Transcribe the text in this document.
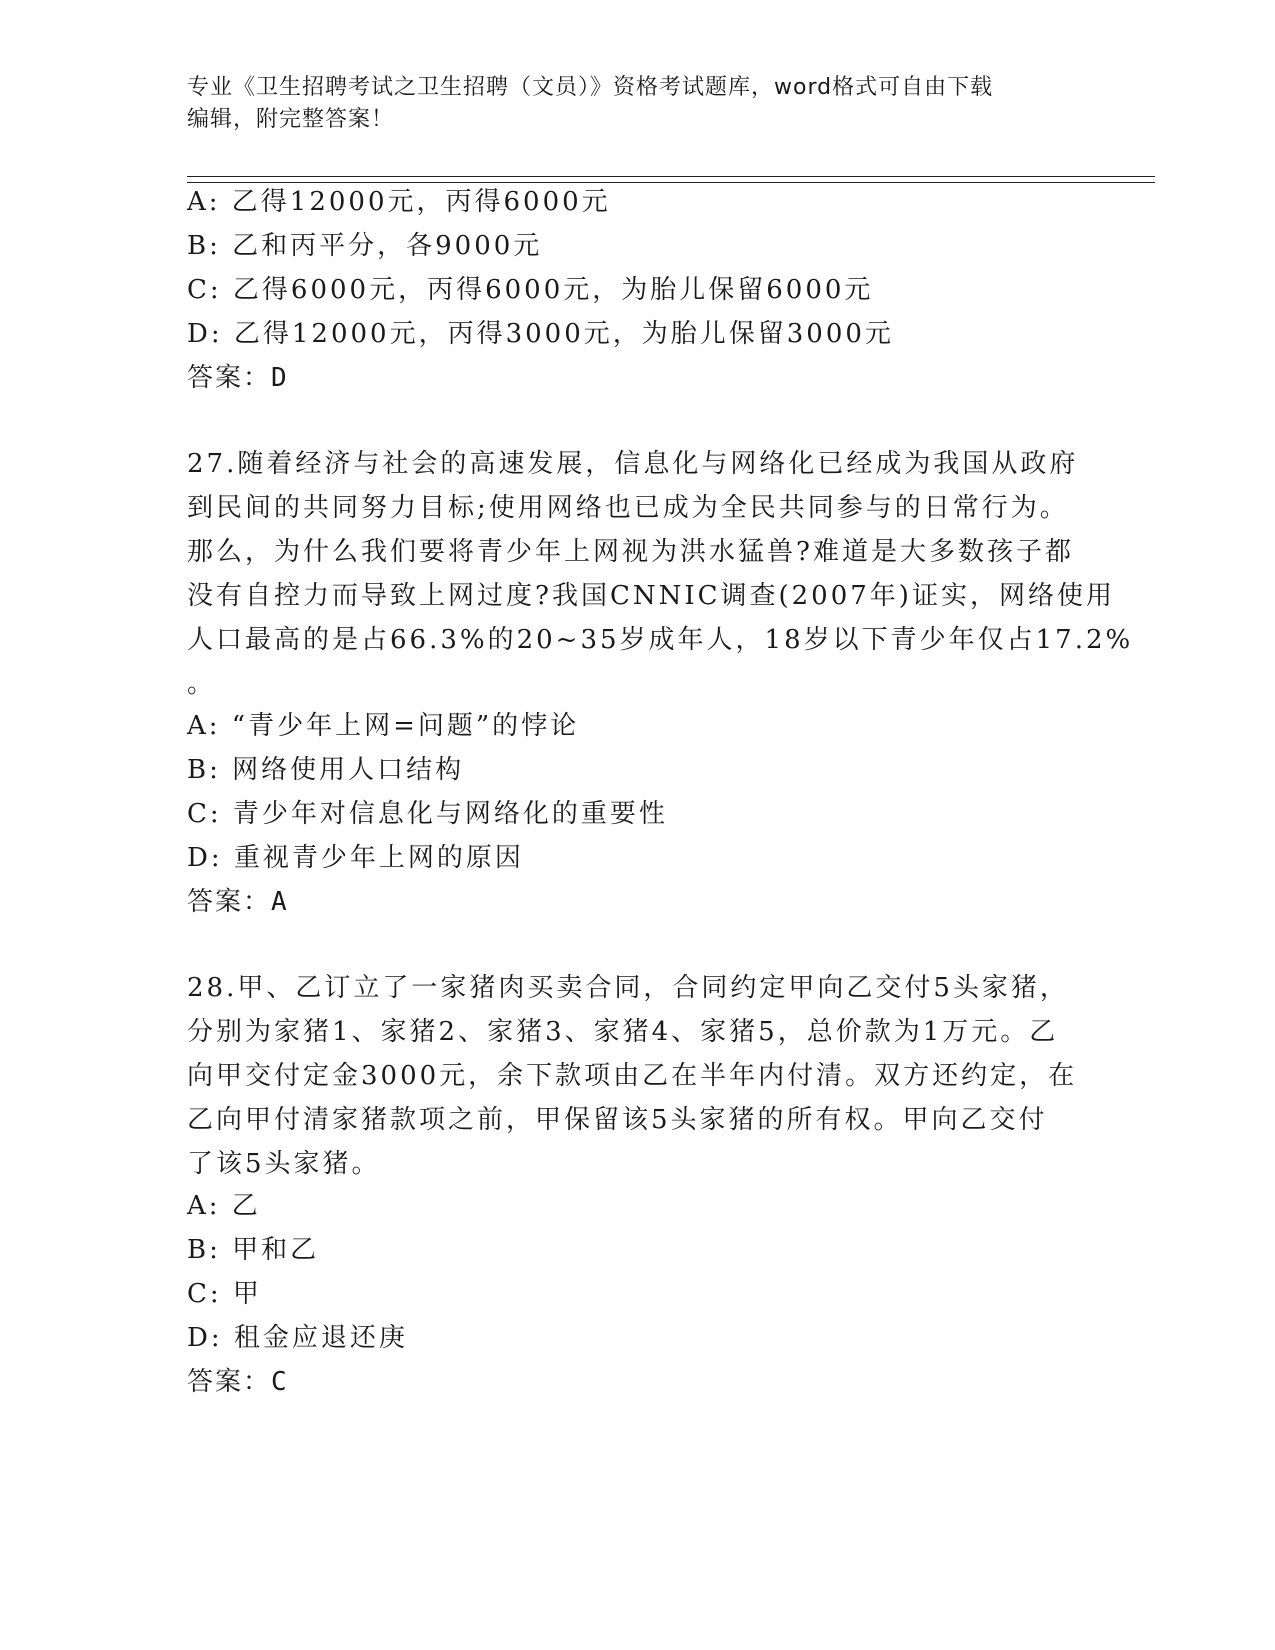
专业《卫生招聘考试之卫生招聘（文员）》资格考试题库，word格式可自由下载
编辑，附完整答案！
A: 乙得12000元，丙得6000元
B: 乙和丙平分，各9000元
C: 乙得6000元，丙得6000元，为胎儿保留6000元
D: 乙得12000元，丙得3000元，为胎儿保留3000元
答案：D
27.随着经济与社会的高速发展，信息化与网络化已经成为我国从政府
到民间的共同努力目标;使用网络也已成为全民共同参与的日常行为。
那么，为什么我们要将青少年上网视为洪水猛兽?难道是大多数孩子都
没有自控力而导致上网过度?我国CNNIC调查(2007年)证实，网络使用
人口最高的是占66.3%的20~35岁成年人，18岁以下青少年仅占17.2%
。
A: “青少年上网=问题”的悖论
B: 网络使用人口结构
C: 青少年对信息化与网络化的重要性
D: 重视青少年上网的原因
答案：A
28.甲、乙订立了一家猪肉买卖合同，合同约定甲向乙交付5头家猪，
分别为家猪1、家猪2、家猪3、家猪4、家猪5，总价款为1万元。乙
向甲交付定金3000元，余下款项由乙在半年内付清。双方还约定，在
乙向甲付清家猪款项之前，甲保留该5头家猪的所有权。甲向乙交付
了该5头家猪。
A: 乙
B: 甲和乙
C: 甲
D: 租金应退还庚
答案：C
